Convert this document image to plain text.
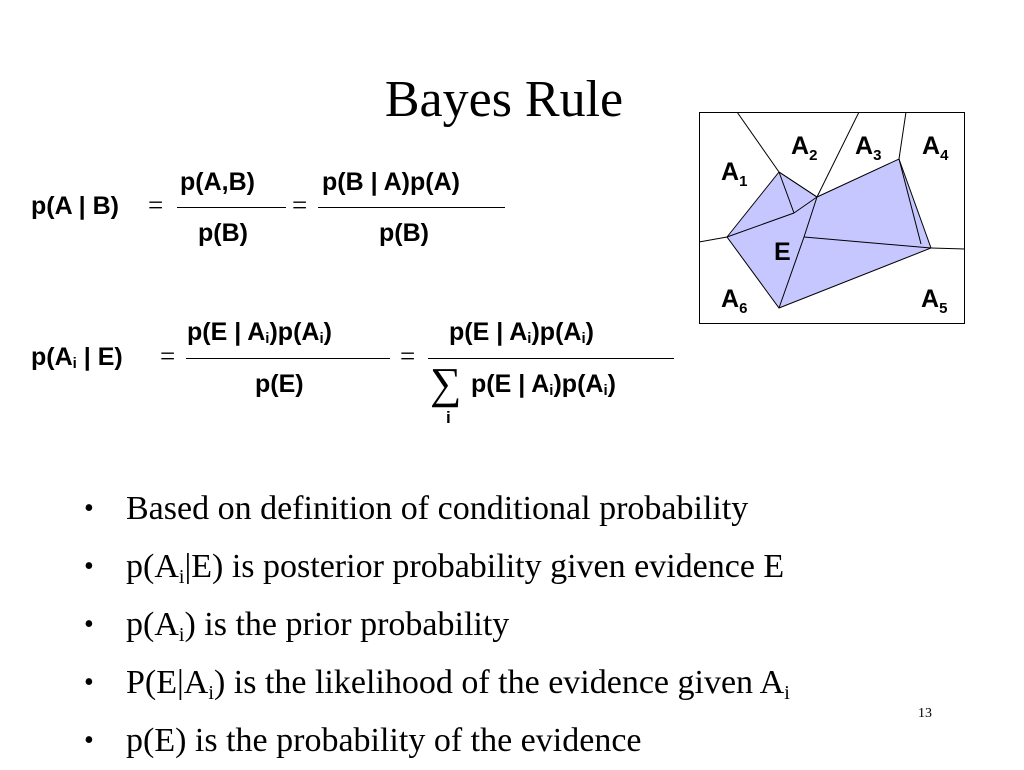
Bayes Rule
p(A | B) =
p(A,B)
p(B)
=
p(B | A)p(A)
p(B)
$p(A_i$ | E) =
p(E | $A_i)p(A_i)$
p(E)
=
p(E | $A_i)p(A_i)$
∑
i
p(E | $A_i)p(A_i)$
$A_1$
$A_2$ $A_3$ $A_4$
E
$A_6$	$A_5$
• Based on definition of conditional probability
• $p(A_i|E)$ is posterior probability given evidence E
• $p(A_i)$ is the prior probability
• $P(E|A_i)$ is the likelihood of the evidence given $A_i$
• p(E) is the probability of the evidence
13
